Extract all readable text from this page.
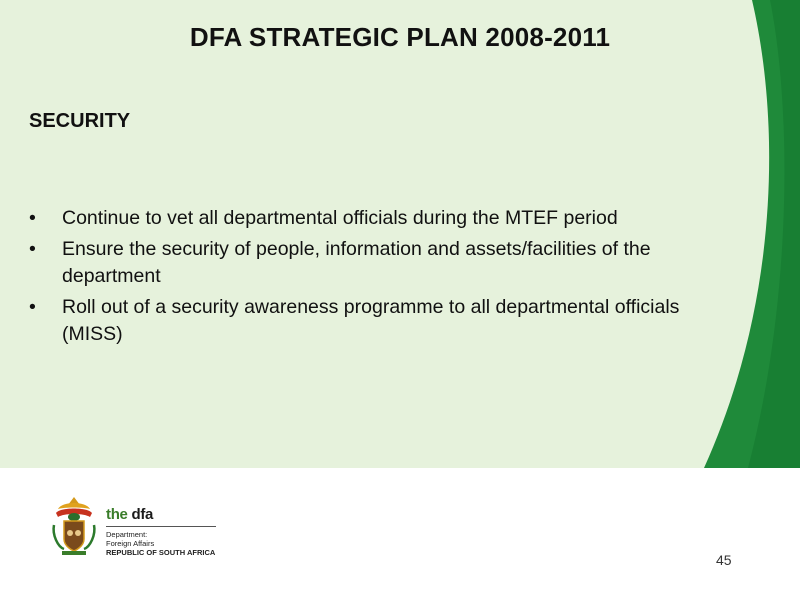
DFA STRATEGIC PLAN 2008-2011
SECURITY
• Continue to vet all departmental officials during the MTEF period
• Ensure the security of people, information and assets/facilities of the department
• Roll out of a security awareness programme to all departmental officials (MISS)
the dfa
Department:
Foreign Affairs
REPUBLIC OF SOUTH AFRICA	45
